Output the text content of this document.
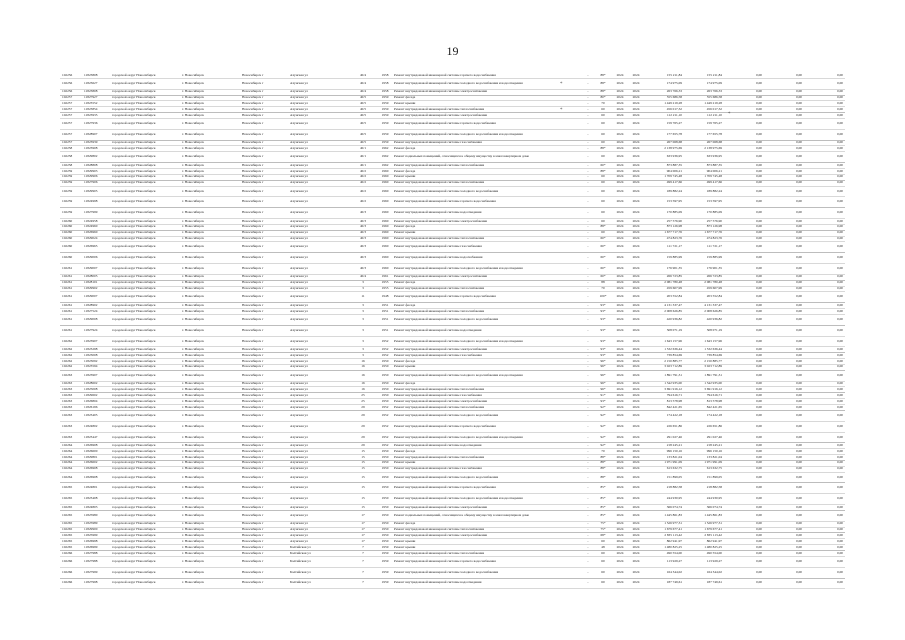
19
102256	11823808	городской округ Новосибирск	г. Новосибирск	Новосибирск г	Ахунская ул	40/4	1958	Ремонт внутридомовой инженерной системы горячего водоснабжения	-	88*	2024	2024	155 211,84	155 211,84	0,00	0,00	0,00
102256	11823627	городской округ Новосибирск	г. Новосибирск	Новосибирск г	Ахунская ул	40/4	1958	Ремонт внутридомовой инженерной системы холодного водоснабжения и водоотведения	-	88*	2024	2024	174 975,09	174 975,09	0,00	0,00	0,00
102256	11823808	городской округ Новосибирск	г. Новосибирск	Новосибирск г	Ахунская ул	40/4	1958	Ремонт внутридомовой инженерной системы электроснабжения	-	88*	2024	2024	263 766,33	263 766,33	0,00	0,00	0,00
102257	11827927	городской округ Новосибирск	г. Новосибирск	Новосибирск г	Ахунская ул	40/5	1959	Ремонт фасада	-	80*	2024	2024	555 686,58	555 686,58	0,00	0,00	0,00
102257	11823552	городской округ Новосибирск	г. Новосибирск	Новосибирск г	Ахунская ул	40/5	1959	Ремонт крыши	-	70	2024	2024	1 449 219,28	1 449 219,28	0,00	0,00	0,00
102257	11823854	городской округ Новосибирск	г. Новосибирск	Новосибирск г	Ахунская ул	40/5	1959	Ремонт внутридомовой инженерной системы теплоснабжения	-	60	2024	2024	456 017,32	456 017,32	0,00	0,00	0,00
102257	11823935	городской округ Новосибирск	г. Новосибирск	Новосибирск г	Ахунская ул	40/5	1959	Ремонт внутридомовой инженерной системы электроснабжения	-	60	2024	2024	112 211,10	112 211,10	0,00	0,00	0,00
102257	11827936	городской округ Новосибирск	г. Новосибирск	Новосибирск г	Ахунская ул	40/5	1959	Ремонт внутридомовой инженерной системы горячего водоснабжения	-	60	2024	2024	159 765,27	159 765,27	0,00	0,00	0,00
102257	11828907	городской округ Новосибирск	г. Новосибирск	Новосибирск г	Ахунская ул	40/5	1959	Ремонт внутридомовой инженерной системы холодного водоснабжения и водоотведения	-	60	2024	2024	177 655,78	177 655,78	0,00	0,00	0,00
102257	11823939	городской округ Новосибирск	г. Новосибирск	Новосибирск г	Ахунская ул	40/5	1959	Ремонт внутридомовой инженерной системы газоснабжения	-	60	2024	2024	267 068,68	267 068,68	0,00	0,00	0,00
102258	11823908	городской округ Новосибирск	г. Новосибирск	Новосибирск г	Ахунская ул	40/1	1962	Ремонт фасада	-	88*	2024	2024	2 138 975,69	2 138 975,69	0,00	0,00	0,00
102258	11829802	городской округ Новосибирск	г. Новосибирск	Новосибирск г	Ахунская ул	40/1	1962	Ремонт подвальных помещений, относящихся к общему имуществу в многоквартирном доме	-	60	2024	2024	633 936,95	633 936,95	0,00	0,00	0,00
102258	11828808	городской округ Новосибирск	г. Новосибирск	Новосибирск г	Ахунская ул	40/1	1962	Ремонт внутридомовой инженерной системы теплоснабжения	-	60*	2024	2024	873 887,35	873 887,35	0,00	0,00	0,00
102259	11829903	городской округ Новосибирск	г. Новосибирск	Новосибирск г	Ахунская ул	40/2	1960	Ремонт фасада	-	88*	2024	2024	904 006,21	904 006,21	0,00	0,00	0,00
102259	11829906	городской округ Новосибирск	г. Новосибирск	Новосибирск г	Ахунская ул	40/2	1960	Ремонт крыши	-	60	2024	2024	1 709 745,48	1 709 745,48	0,00	0,00	0,00
102259	11827906	городской округ Новосибирск	г. Новосибирск	Новосибирск г	Ахунская ул	40/2	1960	Ремонт внутридомовой инженерной системы теплоснабжения	-	60	2024	2024	499 417,66	499 417,66	0,00	0,00	0,00
102259	11829905	городской округ Новосибирск	г. Новосибирск	Новосибирск г	Ахунская ул	40/2	1960	Ремонт внутридомовой инженерной системы холодного водоснабжения	-	60	2024	2024	189 882,24	189 882,24	0,00	0,00	0,00
102259	11824998	городской округ Новосибирск	г. Новосибирск	Новосибирск г	Ахунская ул	40/2	1960	Ремонт внутридомовой инженерной системы горячего водоснабжения	-	60	2024	2024	153 597,95	153 597,95	0,00	0,00	0,00
102259	11827999	городской округ Новосибирск	г. Новосибирск	Новосибирск г	Ахунская ул	40/3	1960	Ремонт внутридомовой инженерной системы водоотведения	-	60	2024	2024	170 885,09	170 885,09	0,00	0,00	0,00
102260	11824958	городской округ Новосибирск	г. Новосибирск	Новосибирск г	Ахунская ул	40/3	1960	Ремонт внутридомовой инженерной системы электроснабжения	-	60	2024	2024	257 576,90	257 576,90	0,00	0,00	0,00
102260	11824960	городской округ Новосибирск	г. Новосибирск	Новосибирск г	Ахунская ул	40/3	1960	Ремонт фасада	-	88*	2024	2024	873 126,98	873 126,98	0,00	0,00	0,00
102260	11826960	городской округ Новосибирск	г. Новосибирск	Новосибирск г	Ахунская ул	40/3	1960	Ремонт крыши	-	60	2024	2024	1 677 717,76	1 677 717,76	0,00	0,00	0,00
102260	11829024	городской округ Новосибирск	г. Новосибирск	Новосибирск г	Ахунская ул	40/3	1960	Ремонт внутридомовой инженерной системы теплоснабжения	-	60*	2024	2024	474 823,76	474 823,76	0,00	0,00	0,00
102260	11826965	городской округ Новосибирск	г. Новосибирск	Новосибирск г	Ахунская ул	40/3	1960	Ремонт внутридомовой инженерной системы газоснабжения	-	60*	2024	2024	111 721,17	111 721,17	0,00	0,00	0,00
102260	11829006	городской округ Новосибирск	г. Новосибирск	Новосибирск г	Ахунская ул	40/3	1960	Ремонт внутридомовой инженерной системы водоснабжения	-	60*	2024	2024	159 885,99	159 885,99	0,00	0,00	0,00
102261	11829007	городской округ Новосибирск	г. Новосибирск	Новосибирск г	Ахунская ул	40/3	1960	Ремонт внутридомовой инженерной системы холодного водоснабжения и водоотведения	-	60*	2024	2024	176 901,35	176 901,35	0,00	0,00	0,00
102261	11828005	городской округ Новосибирск	г. Новосибирск	Новосибирск г	Ахунская ул	40/4	1961	Ремонт внутридомовой инженерной системы электроснабжения	-	60*	2024	2024	266 723,85	266 723,85	0,00	0,00	0,00
102261	11828101	городской округ Новосибирск	г. Новосибирск	Новосибирск г	Ахунская ул	3	1955	Ремонт фасада	-	88	2024	2024	2 081 780,48	2 081 780,48	0,00	0,00	0,00
102261	11829902	городской округ Новосибирск	г. Новосибирск	Новосибирск г	Ахунская ул	3	1955	Ремонт внутридомовой инженерной системы теплоснабжения	-	70	2024	2024	459 607,99	459 607,99	0,00	0,00	0,00
102261	11829007	городской округ Новосибирск	г. Новосибирск	Новосибирск г	Ахунская ул	11	1948	Ремонт внутридомовой инженерной системы горячего водоснабжения	-	100*	2024	2024	203 552,84	203 552,84	0,00	0,00	0,00
102261	11828902	городской округ Новосибирск	г. Новосибирск	Новосибирск г	Ахунская ул	3	1951	Ремонт фасада	-	93*	2024	2024	4 131 337,47	4 131 337,47	0,00	0,00	0,00
102261	11827524	городской округ Новосибирск	г. Новосибирск	Новосибирск г	Ахунская ул	3	1951	Ремонт внутридомовой инженерной системы теплоснабжения	-	93*	2024	2024	2 008 626,85	2 008 626,85	0,00	0,00	0,00
102261	11829008	городской округ Новосибирск	г. Новосибирск	Новосибирск г	Ахунская ул	3	1951	Ремонт внутридомовой инженерной системы холодного водоснабжения	-	93*	2024	2024	420 936,82	420 936,82	0,00	0,00	0,00
102261	11827924	городской округ Новосибирск	г. Новосибирск	Новосибирск г	Ахунская ул	3	1951	Ремонт внутридомовой инженерной системы водоотведения	-	93*	2024	2024	508 071,19	508 071,19	0,00	0,00	0,00
102262	11823907	городской округ Новосибирск	г. Новосибирск	Новосибирск г	Ахунская ул	3	1952	Ремонт внутридомовой инженерной системы холодного водоснабжения и водоотведения	-	93*	2024	2024	1 643 157,96	1 643 157,96	0,00	0,00	0,00
102262	11823298	городской округ Новосибирск	г. Новосибирск	Новосибирск г	Ахунская ул	3	1952	Ремонт внутридомовой инженерной системы электроснабжения	-	93*	2024	2024	1 532 636,44	1 532 636,44	0,00	0,00	0,00
102262	11823008	городской округ Новосибирск	г. Новосибирск	Новосибирск г	Ахунская ул	3	1952	Ремонт внутридомовой инженерной системы газоснабжения	-	93*	2024	2024	739 854,69	739 854,69	0,00	0,00	0,00
102262	11823092	городской округ Новосибирск	г. Новосибирск	Новосибирск г	Ахунская ул	16	1950	Ремонт фасада	-	96*	2024	2024	2 150 885,77	2 150 885,77	0,00	0,00	0,00
102262	11823594	городской округ Новосибирск	г. Новосибирск	Новосибирск г	Ахунская ул	16	1950	Ремонт крыши	-	96*	2024	2024	3 023 712,89	3 023 712,89	0,00	0,00	0,00
102263	11823907	городской округ Новосибирск	г. Новосибирск	Новосибирск г	Ахунская ул	16	1950	Ремонт внутридомовой инженерной системы холодного водоснабжения и водоотведения	-	96*	2024	2024	1 891 791,31	1 891 791,31	0,00	0,00	0,00
102263	11828602	городской округ Новосибирск	г. Новосибирск	Новосибирск г	Ахунская ул	16	1950	Ремонт фасада	-	96*	2024	2024	1 342 935,00	1 342 935,00	0,00	0,00	0,00
102263	11825008	городской округ Новосибирск	г. Новосибирск	Новосибирск г	Ахунская ул	16	1950	Ремонт внутридомовой инженерной системы теплоснабжения	-	96*	2024	2024	3 691 916,12	3 691 916,12	0,00	0,00	0,00
102263	11829602	городской округ Новосибирск	г. Новосибирск	Новосибирск г	Ахунская ул	25	1950	Ремонт внутридомовой инженерной системы газоснабжения	-	91*	2024	2024	794 616,71	794 616,71	0,00	0,00	0,00
102263	11826804	городской округ Новосибирск	г. Новосибирск	Новосибирск г	Ахунская ул	25	1950	Ремонт внутридомовой инженерной системы электроснабжения	-	93*	2024	2024	813 578,98	813 578,98	0,00	0,00	0,00
102263	11826196	городской округ Новосибирск	г. Новосибирск	Новосибирск г	Ахунская ул	29	1952	Ремонт внутридомовой инженерной системы теплоснабжения	-	92*	2024	2024	842 421,65	842 421,65	0,00	0,00	0,00
102263	11823405	городской округ Новосибирск	г. Новосибирск	Новосибирск г	Ахунская ул	29	1952	Ремонт внутридомовой инженерной системы холодного водоснабжения	-	92*	2024	2024	174 422,18	174 422,18	0,00	0,00	0,00
102263	11824802	городской округ Новосибирск	г. Новосибирск	Новосибирск г	Ахунская ул	29	1952	Ремонт внутридомовой инженерной системы горячего водоснабжения	-	92*	2024	2024	226 651,86	226 651,86	0,00	0,00	0,00
102263	11823447	городской округ Новосибирск	г. Новосибирск	Новосибирск г	Ахунская ул	29	1952	Ремонт внутридомовой инженерной системы холодного водоснабжения и водоотведения	-	92*	2024	2024	291 027,46	291 027,46	0,00	0,00	0,00
102264	11826908	городской округ Новосибирск	г. Новосибирск	Новосибирск г	Ахунская ул	29	1952	Ремонт внутридомовой инженерной системы водоотведения	-	92*	2024	2024	218 245,21	218 245,21	0,00	0,00	0,00
102264	11826600	городской округ Новосибирск	г. Новосибирск	Новосибирск г	Ахунская ул	15	1950	Ремонт фасада	-	70	2024	2024	996 150,16	996 150,16	0,00	0,00	0,00
102264	11829801	городской округ Новосибирск	г. Новосибирск	Новосибирск г	Ахунская ул	15	1950	Ремонт внутридомовой инженерной системы теплоснабжения	-	88*	2024	2024	133 821,04	133 821,04	0,00	0,00	0,00
102264	11826602	городской округ Новосибирск	г. Новосибирск	Новосибирск г	Ахунская ул	15	1950	Ремонт крыши	-	88*	2024	2024	1 971 991,09	1 971 991,09	0,00	0,00	0,00
102264	11826908	городской округ Новосибирск	г. Новосибирск	Новосибирск г	Ахунская ул	15	1950	Ремонт внутридомовой инженерной системы газоснабжения	-	88*	2024	2024	613 632,75	613 632,75	0,00	0,00	0,00
102264	11826908	городской округ Новосибирск	г. Новосибирск	Новосибирск г	Ахунская ул	15	1950	Ремонт внутридомовой инженерной системы холодного водоснабжения	-	88*	2024	2024	151 899,05	151 899,05	0,00	0,00	0,00
102265	11824801	городской округ Новосибирск	г. Новосибирск	Новосибирск г	Ахунская ул	15	1950	Ремонт внутридомовой инженерной системы горячего водоснабжения	-	85*	2024	2024	218 882,58	218 882,58	0,00	0,00	0,00
102265	11823408	городской округ Новосибирск	г. Новосибирск	Новосибирск г	Ахунская ул	15	1950	Ремонт внутридомовой инженерной системы холодного водоснабжения и водоотведения	-	85*	2024	2024	244 930,95	244 930,95	0,00	0,00	0,00
102265	11824803	городской округ Новосибирск	г. Новосибирск	Новосибирск г	Ахунская ул	15	1950	Ремонт внутридомовой инженерной системы электроснабжения	-	85*	2024	2024	366 074,74	366 074,74	0,00	0,00	0,00
102265	11825980	городской округ Новосибирск	г. Новосибирск	Новосибирск г	Ахунская ул	17	1950	Ремонт подвальных помещений, относящихся к общему имуществу в многоквартирном доме	-	85*	2024	2024	1 445 861,83	1 445 861,83	0,00	0,00	0,00
102265	11825989	городской округ Новосибирск	г. Новосибирск	Новосибирск г	Ахунская ул	17	1950	Ремонт фасада	-	75*	2024	2024	1 526 977,31	1 526 977,31	0,00	0,00	0,00
102265	11829900	городской округ Новосибирск	г. Новосибирск	Новосибирск г	Ахунская ул	17	1950	Ремонт внутридомовой инженерной системы теплоснабжения	-	75*	2024	2024	1 679 677,41	1 679 677,41	0,00	0,00	0,00
102265	11825999	городской округ Новосибирск	г. Новосибирск	Новосибирск г	Ахунская ул	17	1950	Ремонт внутридомовой инженерной системы электроснабжения	-	68*	2024	2024	2 835 113,42	2 835 113,42	0,00	0,00	0,00
102265	11826998	городской округ Новосибирск	г. Новосибирск	Новосибирск г	Ахунская ул	17	1950	Ремонт крыши	-	60	2024	2024	862 941,97	862 941,97	0,00	0,00	0,00
102265	11826999	городской округ Новосибирск	г. Новосибирск	Новосибирск г	Балтийская ул	7	1959	Ремонт крыши	-	48	2024	2024	1 480 825,25	1 480 825,25	0,00	0,00	0,00
102266	11827988	городской округ Новосибирск	г. Новосибирск	Новосибирск г	Балтийская ул	7	1959	Ремонт внутридомовой инженерной системы теплоснабжения	-	60	2024	2024	490 554,00	490 554,00	0,00	0,00	0,00
102266	11827988	городской округ Новосибирск	г. Новосибирск	Новосибирск г	Балтийская ул	7	1959	Ремонт внутридомовой инженерной системы горячего водоснабжения	-	60	2024	2024	113 929,27	113 929,27	0,00	0,00	0,00
102266	11827999	городской округ Новосибирск	г. Новосибирск	Новосибирск г	Балтийская ул	7	1959	Ремонт внутридомовой инженерной системы холодного водоснабжения	-	60	2024	2024	164 344,02	164 344,02	0,00	0,00	0,00
102266	11827998	городской округ Новосибирск	г. Новосибирск	Новосибирск г	Балтийская ул	7	1959	Ремонт внутридомовой инженерной системы водоотведения	-	60	2024	2024	187 749,61	187 749,61	0,00	0,00	0,00
*
*
*
